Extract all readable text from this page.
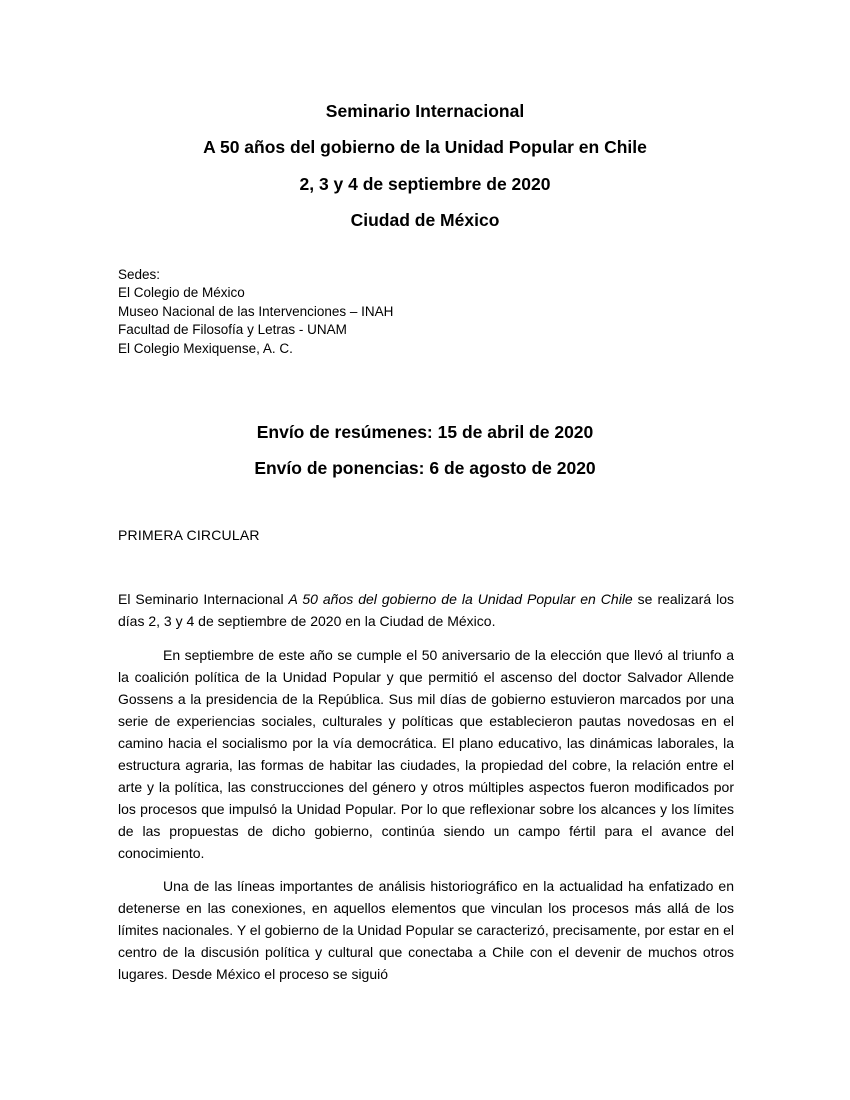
Seminario Internacional
A 50 años del gobierno de la Unidad Popular en Chile
2, 3 y 4 de septiembre de 2020
Ciudad de México
Sedes:
El Colegio de México
Museo Nacional de las Intervenciones – INAH
Facultad de Filosofía y Letras - UNAM
El Colegio Mexiquense, A. C.
Envío de resúmenes: 15 de abril de 2020
Envío de ponencias: 6 de agosto de 2020
PRIMERA CIRCULAR
El Seminario Internacional A 50 años del gobierno de la Unidad Popular en Chile se realizará los días 2, 3 y 4 de septiembre de 2020 en la Ciudad de México.
En septiembre de este año se cumple el 50 aniversario de la elección que llevó al triunfo a la coalición política de la Unidad Popular y que permitió el ascenso del doctor Salvador Allende Gossens a la presidencia de la República. Sus mil días de gobierno estuvieron marcados por una serie de experiencias sociales, culturales y políticas que establecieron pautas novedosas en el camino hacia el socialismo por la vía democrática. El plano educativo, las dinámicas laborales, la estructura agraria, las formas de habitar las ciudades, la propiedad del cobre, la relación entre el arte y la política, las construcciones del género y otros múltiples aspectos fueron modificados por los procesos que impulsó la Unidad Popular. Por lo que reflexionar sobre los alcances y los límites de las propuestas de dicho gobierno, continúa siendo un campo fértil para el avance del conocimiento.
Una de las líneas importantes de análisis historiográfico en la actualidad ha enfatizado en detenerse en las conexiones, en aquellos elementos que vinculan los procesos más allá de los límites nacionales. Y el gobierno de la Unidad Popular se caracterizó, precisamente, por estar en el centro de la discusión política y cultural que conectaba a Chile con el devenir de muchos otros lugares. Desde México el proceso se siguió
